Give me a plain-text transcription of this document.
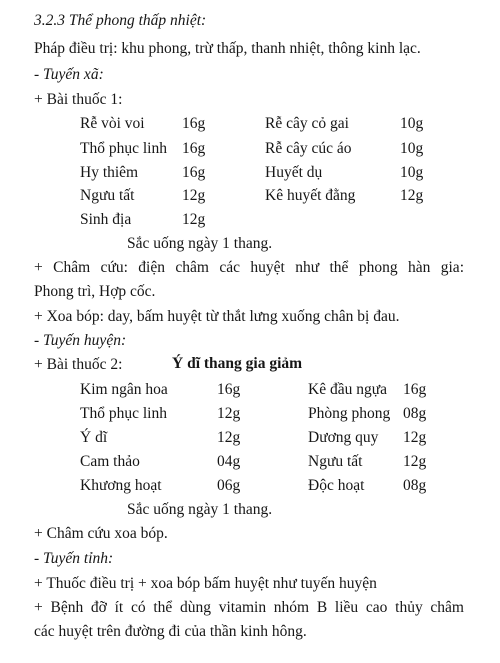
3.2.3 Thể phong thấp nhiệt:
Pháp điều trị: khu phong, trừ thấp, thanh nhiệt, thông kinh lạc.
- Tuyến xã:
+ Bài thuốc 1:
Rễ vòi voi 16g	Rễ cây cỏ gai	10g
Thổ phục linh 16g	Rễ cây cúc áo	10g
Hy thiêm	16g	Huyết dụ	10g
Ngưu tất	12g	Kê huyết đằng	12g
Sinh địa	12g
Sắc uống ngày 1 thang.
+ Châm cứu: điện châm các huyệt như thể phong hàn gia:
Phong trì, Hợp cốc.
+ Xoa bóp: day, bấm huyệt từ thắt lưng xuống chân bị đau.
- Tuyến huyện:
+ Bài thuốc 2:	Ý dĩ thang gia giảm
Kim ngân hoa	16g	Kê đầu ngựa 16g
Thổ phục linh	12g	Phòng phong 08g
Ý dĩ	12g	Dương quy 12g
Cam thảo	04g	Ngưu tất	12g
Khương hoạt	06g	Độc hoạt 08g
Sắc uống ngày 1 thang.
+ Châm cứu xoa bóp.
- Tuyến tỉnh:
+ Thuốc điều trị + xoa bóp bấm huyệt như tuyến huyện
+ Bệnh đỡ ít có thể dùng vitamin nhóm B liều cao thủy châm
các huyệt trên đường đi của thần kinh hông.
